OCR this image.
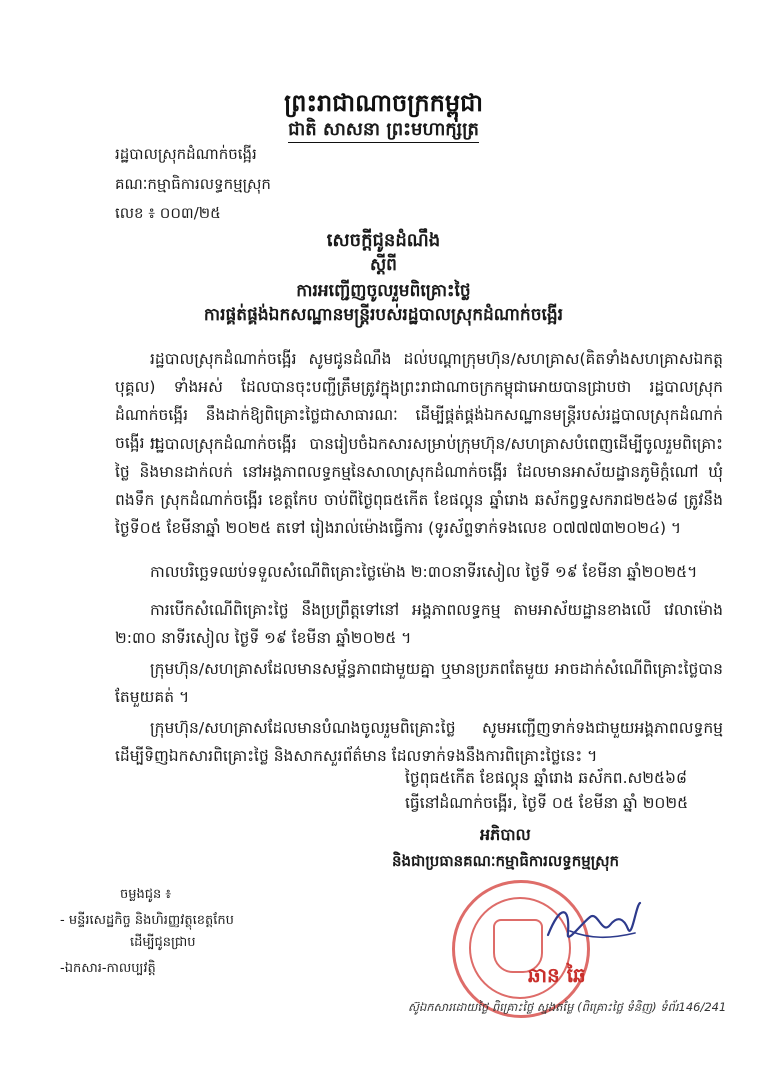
ព្រះរាជាណាចក្រកម្ពុជា
ជាតិ សាសនា ព្រះមហាក្សត្រ
រដ្ឋបាលស្រុកដំណាក់ចង្អើរ
គណៈកម្មាធិការលទ្ធកម្មស្រុក
លេខ ៖ ០០៣/២៥
សេចក្តីជូនដំណឹង
ស្តីពី
ការអញ្ជើញចូលរួមពិគ្រោះថ្លៃ
ការផ្គត់ផ្គង់ឯកសណ្ឋានមន្ត្រីរបស់រដ្ឋបាលស្រុកដំណាក់ចង្អើរ
រដ្ឋបាលស្រុកដំណាក់ចង្អើរ សូមជូនដំណឹង ដល់បណ្តាក្រុមហ៊ុន/សហគ្រាស(គិតទាំងសហគ្រាសឯកត្តបុគ្គល) ទាំងអស់ ដែលបានចុះបញ្ជីត្រឹមត្រូវក្នុងព្រះរាជាណាចក្រកម្ពុជាអោយបានជ្រាបថា រដ្ឋបាលស្រុក ដំណាក់ចង្អើរ នឹងដាក់ឱ្យពិគ្រោះថ្លៃជាសាធារណៈ ដើម្បីផ្គត់ផ្គង់ឯកសណ្ឋានមន្ត្រីរបស់រដ្ឋបាលស្រុកដំណាក់ចង្អើរ ។
រដ្ឋបាលស្រុកដំណាក់ចង្អើរ បានរៀបចំឯកសារសម្រាប់ក្រុមហ៊ុន/សហគ្រាសបំពេញដើម្បីចូលរួមពិគ្រោះថ្លៃ និងមានដាក់លក់ នៅអង្គភាពលទ្ធកម្មនៃសាលាស្រុកដំណាក់ចង្អើរ ដែលមានអាស័យដ្ឋានភូមិក្តំណៅ ឃុំពងទឹក ស្រុកដំណាក់ចង្អើរ ខេត្តកែប ចាប់ពីថ្ងៃពុធ៥កើត ខែផល្គុន ឆ្នាំរោង ឆស័កព្វទ្ធសករាជ២៥៦៨ ត្រូវនឹងថ្ងៃទី០៥ ខែមីនាឆ្នាំ ២០២៥ តទៅ រៀងរាល់ម៉ោងធ្វើការ (ទូរស័ព្ទទាក់ទងលេខ ០៧៧៧៣២០២៤) ។
កាលបរិច្ឆេទឈប់ទទួលសំណើពិគ្រោះថ្លៃម៉ោង ២:៣០នាទីរសៀល ថ្ងៃទី ១៩ ខែមីនា ឆ្នាំ២០២៥។
ការបើកសំណើពិគ្រោះថ្លៃ នឹងប្រព្រឹត្តទៅនៅ អង្គភាពលទ្ធកម្ម តាមអាស័យដ្ឋានខាងលើ វេលាម៉ោង ២:៣០ នាទីរសៀល ថ្ងៃទី ១៩ ខែមីនា ឆ្នាំ២០២៥ ។
ក្រុមហ៊ុន/សហគ្រាសដែលមានសម្ព័ន្ធភាពជាមួយគ្នា ឬមានប្រភពតែមួយ អាចដាក់សំណើពិគ្រោះថ្លៃបានតែមួយគត់ ។
ក្រុមហ៊ុន/សហគ្រាសដែលមានបំណងចូលរួមពិគ្រោះថ្លៃ សូមអញ្ជើញទាក់ទងជាមួយអង្គភាពលទ្ធកម្ម ដើម្បីទិញឯកសារពិគ្រោះថ្លៃ និងសាកសួរព័ត៌មាន ដែលទាក់ទងនឹងការពិគ្រោះថ្លៃនេះ ។
ថ្ងៃពុធ៥កើត ខែផល្គុន ឆ្នាំរោង ឆស័កព.ស២៥៦៨
ធ្វើនៅដំណាក់ចង្អើរ, ថ្ងៃទី ០៥ ខែមីនា ឆ្នាំ ២០២៥
អភិបាល
និងជាប្រធានគណៈកម្មាធិការលទ្ធកម្មស្រុក
ឆាន ឆៃ
ចម្លងជូន ៖
- មន្ទីរសេដ្ឋកិច្ច និងហិរញ្ញវត្ថុខេត្តកែប
ដើម្បីជូនជ្រាប
-ឯកសារ-កាលប្បវត្តិ
ស៊ូឯកសារដោយថ្ងៃ ពិគ្រោះថ្លៃ ស្នងតម្លៃ (ពិគ្រោះថ្លៃ ទំនិញ) ទំព័រ146/241
